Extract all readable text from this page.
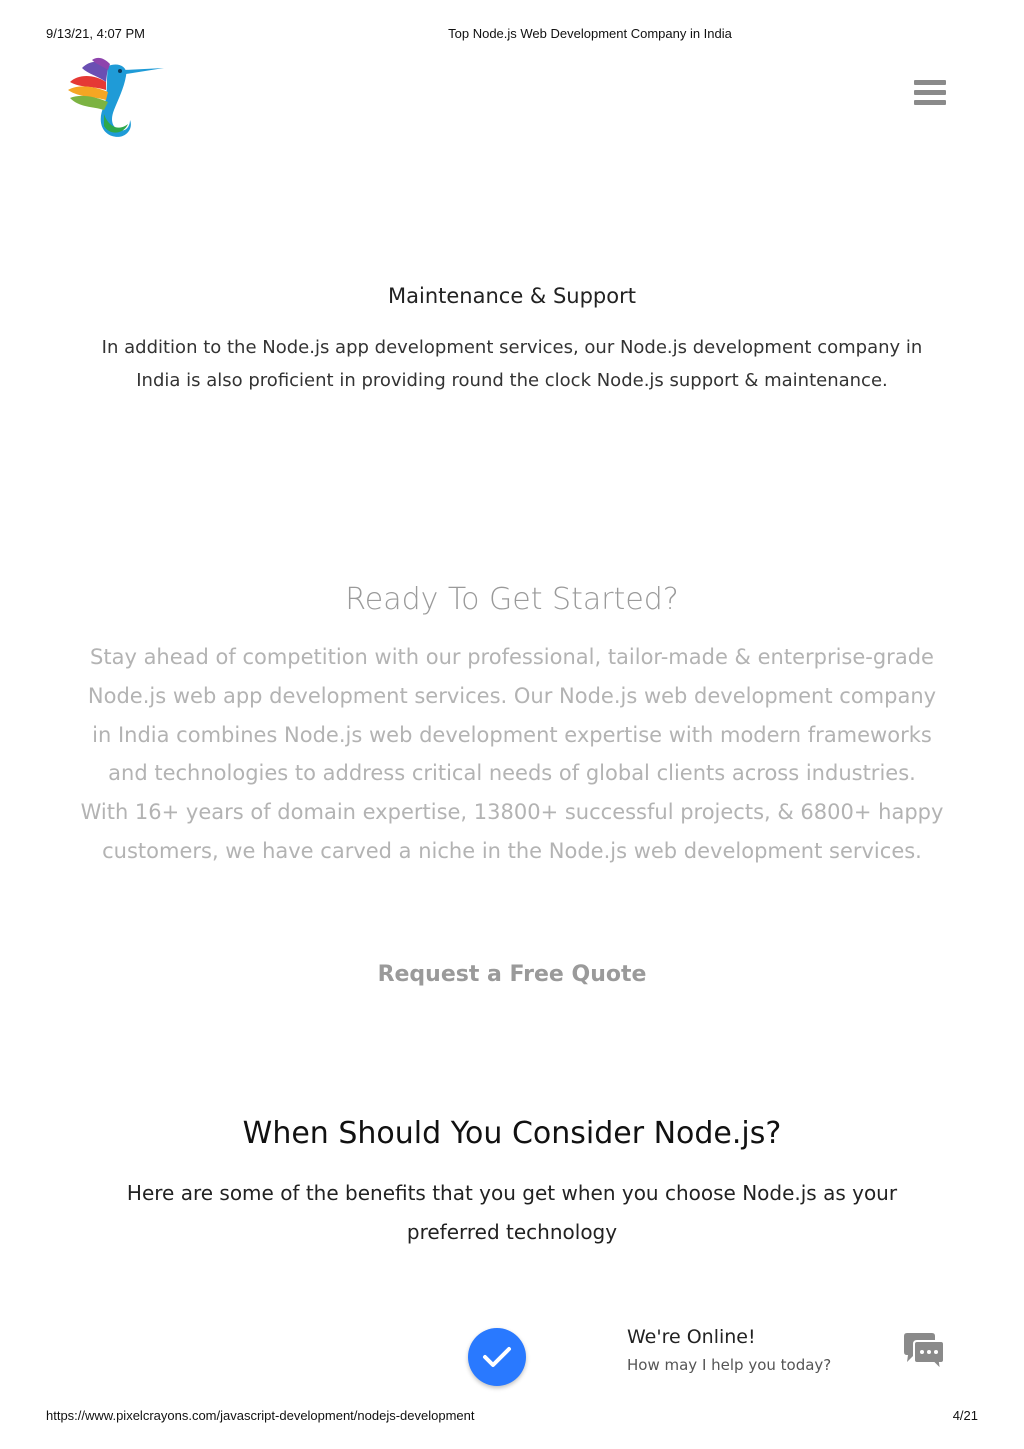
9/13/21, 4:07 PM	Top Node.js Web Development Company in India
Maintenance & Support
In addition to the Node.js app development services, our Node.js development company in India is also proficient in providing round the clock Node.js support & maintenance.
Ready To Get Started?
Stay ahead of competition with our professional, tailor-made & enterprise-grade Node.js web app development services. Our Node.js web development company in India combines Node.js web development expertise with modern frameworks and technologies to address critical needs of global clients across industries.
With 16+ years of domain expertise, 13800+ successful projects, & 6800+ happy customers, we have carved a niche in the Node.js web development services.
Request a Free Quote
When Should You Consider Node.js?
Here are some of the benefits that you get when you choose Node.js as your preferred technology
We're Online!
How may I help you today?
https://www.pixelcrayons.com/javascript-development/nodejs-development	4/21
